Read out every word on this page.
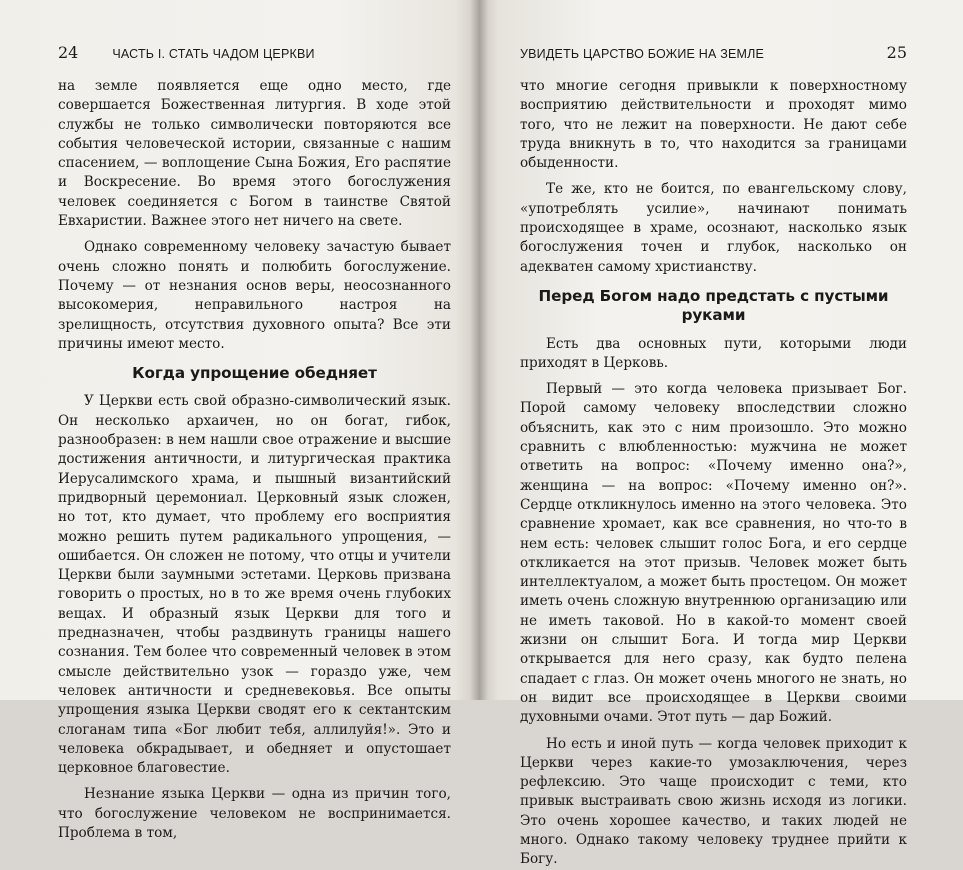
24	ЧАСТЬ I. СТАТЬ ЧАДОМ ЦЕРКВИ

на земле появляется еще одно место, где совершается Божественная литургия. В ходе этой службы не только символически повторяются все события человеческой истории, связанные с нашим спасением, — воплощение Сына Божия, Его распятие и Воскресение. Во время этого богослужения человек соединяется с Богом в таинстве Святой Евхаристии. Важнее этого нет ничего на свете.

Однако современному человеку зачастую бывает очень сложно понять и полюбить богослужение. Почему — от незнания основ веры, неосознанного высокомерия, неправильного настроя на зрелищность, отсутствия духовного опыта? Все эти причины имеют место.

Когда упрощение обедняет

У Церкви есть свой образно-символический язык. Он несколько архаичен, но он богат, гибок, разнообразен: в нем нашли свое отражение и высшие достижения античности, и литургическая практика Иерусалимского храма, и пышный византийский придворный церемониал. Церковный язык сложен, но тот, кто думает, что проблему его восприятия можно решить путем радикального упрощения, — ошибается. Он сложен не потому, что отцы и учители Церкви были заумными эстетами. Церковь призвана говорить о простых, но в то же время очень глубоких вещах. И образный язык Церкви для того и предназначен, чтобы раздвинуть границы нашего сознания. Тем более что современный человек в этом смысле действительно узок — гораздо уже, чем человек античности и средневековья. Все опыты упрощения языка Церкви сводят его к сектантским слоганам типа «Бог любит тебя, аллилуйя!». Это и человека обкрадывает, и обедняет и опустошает церковное благовестие.

Незнание языка Церкви — одна из причин того, что богослужение человеком не воспринимается. Проблема в том,

УВИДЕТЬ ЦАРСТВО БОЖИЕ НА ЗЕМЛЕ	25

что многие сегодня привыкли к поверхностному восприятию действительности и проходят мимо того, что не лежит на поверхности. Не дают себе труда вникнуть в то, что находится за границами обыденности.

Те же, кто не боится, по евангельскому слову, «употреблять усилие», начинают понимать происходящее в храме, осознают, насколько язык богослужения точен и глубок, насколько он адекватен самому христианству.

Перед Богом надо предстать с пустыми руками

Есть два основных пути, которыми люди приходят в Церковь.

Первый — это когда человека призывает Бог. Порой самому человеку впоследствии сложно объяснить, как это с ним произошло. Это можно сравнить с влюбленностью: мужчина не может ответить на вопрос: «Почему именно она?», женщина — на вопрос: «Почему именно он?». Сердце откликнулось именно на этого человека. Это сравнение хромает, как все сравнения, но что-то в нем есть: человек слышит голос Бога, и его сердце откликается на этот призыв. Человек может быть интеллектуалом, а может быть простецом. Он может иметь очень сложную внутреннюю организацию или не иметь таковой. Но в какой-то момент своей жизни он слышит Бога. И тогда мир Церкви открывается для него сразу, как будто пелена спадает с глаз. Он может очень многого не знать, но он видит все происходящее в Церкви своими духовными очами. Этот путь — дар Божий.

Но есть и иной путь — когда человек приходит к Церкви через какие-то умозаключения, через рефлексию. Это чаще происходит с теми, кто привык выстраивать свою жизнь исходя из логики. Это очень хорошее качество, и таких людей не много. Однако такому человеку труднее прийти к Богу.
